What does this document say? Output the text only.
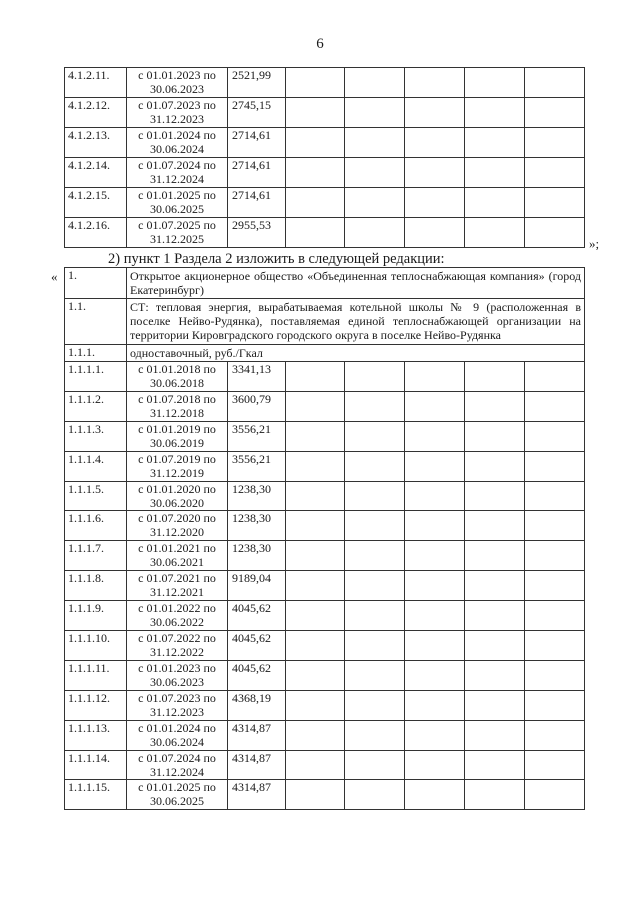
6
4.1.2.11.	с 01.01.2023 по 30.06.2023	2521,99					
4.1.2.12.	с 01.07.2023 по 31.12.2023	2745,15					
4.1.2.13.	с 01.01.2024 по 30.06.2024	2714,61					
4.1.2.14.	с 01.07.2024 по 31.12.2024	2714,61					
4.1.2.15.	с 01.01.2025 по 30.06.2025	2714,61					
4.1.2.16.	с 01.07.2025 по 31.12.2025	2955,53					
»;
2) пункт 1 Раздела 2 изложить в следующей редакции:
« 1.	Открытое акционерное общество «Объединенная теплоснабжающая компания» (город Екатеринбург)						
1.1.	СТ: тепловая энергия, вырабатываемая котельной школы № 9 (расположенная в поселке Нейво-Рудянка), поставляемая единой теплоснабжающей организации на территории Кировградского городского округа в поселке Нейво-Рудянка						
1.1.1.	одноставочный, руб./Гкал						
1.1.1.1.	с 01.01.2018 по 30.06.2018	3341,13					
1.1.1.2.	с 01.07.2018 по 31.12.2018	3600,79					
1.1.1.3.	с 01.01.2019 по 30.06.2019	3556,21					
1.1.1.4.	с 01.07.2019 по 31.12.2019	3556,21					
1.1.1.5.	с 01.01.2020 по 30.06.2020	1238,30					
1.1.1.6.	с 01.07.2020 по 31.12.2020	1238,30					
1.1.1.7.	с 01.01.2021 по 30.06.2021	1238,30					
1.1.1.8.	с 01.07.2021 по 31.12.2021	9189,04					
1.1.1.9.	с 01.01.2022 по 30.06.2022	4045,62					
1.1.1.10.	с 01.07.2022 по 31.12.2022	4045,62					
1.1.1.11.	с 01.01.2023 по 30.06.2023	4045,62					
1.1.1.12.	с 01.07.2023 по 31.12.2023	4368,19					
1.1.1.13.	с 01.01.2024 по 30.06.2024	4314,87					
1.1.1.14.	с 01.07.2024 по 31.12.2024	4314,87					
1.1.1.15.	с 01.01.2025 по 30.06.2025	4314,87					
